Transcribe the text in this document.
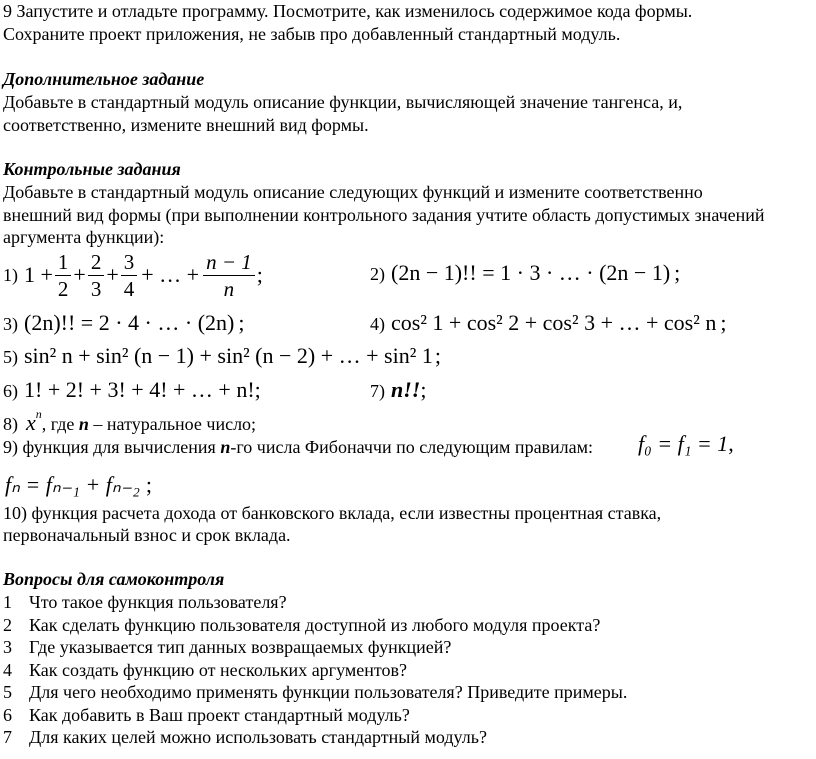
9 Запустите и отладьте программу. Посмотрите, как изменилось содержимое кода формы.
Сохраните проект приложения, не забыв про добавленный стандартный модуль.
Дополнительное задание
Добавьте в стандартный модуль описание функции, вычисляющей значение тангенса, и,
соответственно, измените внешний вид формы.
Контрольные задания
Добавьте в стандартный модуль описание следующих функций и измените соответственно
внешний вид формы (при выполнении контрольного задания учтите область допустимых значений
аргумента функции):
1) $1 + \frac{1}{2} + \frac{2}{3} + \frac{3}{4}$ + … + $\frac{n - 1}{n}$ ;	2) (2n − 1)!! = 1 · 3 · … · (2n − 1) ;
3) (2n)!! = 2 · 4 · … · (2n) ;	4) cos² 1 + cos² 2 + cos² 3 + … + cos² n ;
5) sin² n + sin² (n − 1) + sin² (n − 2) + … + sin² 1;
6) 1! + 2! + 3! + 4! + … + n!;	7) n!!;
8) $x^n$, где n – натуральное число;
9) функция для вычисления n-го числа Фибоначчи по следующим правилам: f₀ = f₁ = 1,
fₙ = fₙ₋₁ + fₙ₋₂ ;
10) функция расчета дохода от банковского вклада, если известны процентная ставка,
первоначальный взнос и срок вклада.
Вопросы для самоконтроля
1 Что такое функция пользователя?
2 Как сделать функцию пользователя доступной из любого модуля проекта?
3 Где указывается тип данных возвращаемых функцией?
4 Как создать функцию от нескольких аргументов?
5 Для чего необходимо применять функции пользователя? Приведите примеры.
6 Как добавить в Ваш проект стандартный модуль?
7 Для каких целей можно использовать стандартный модуль?
